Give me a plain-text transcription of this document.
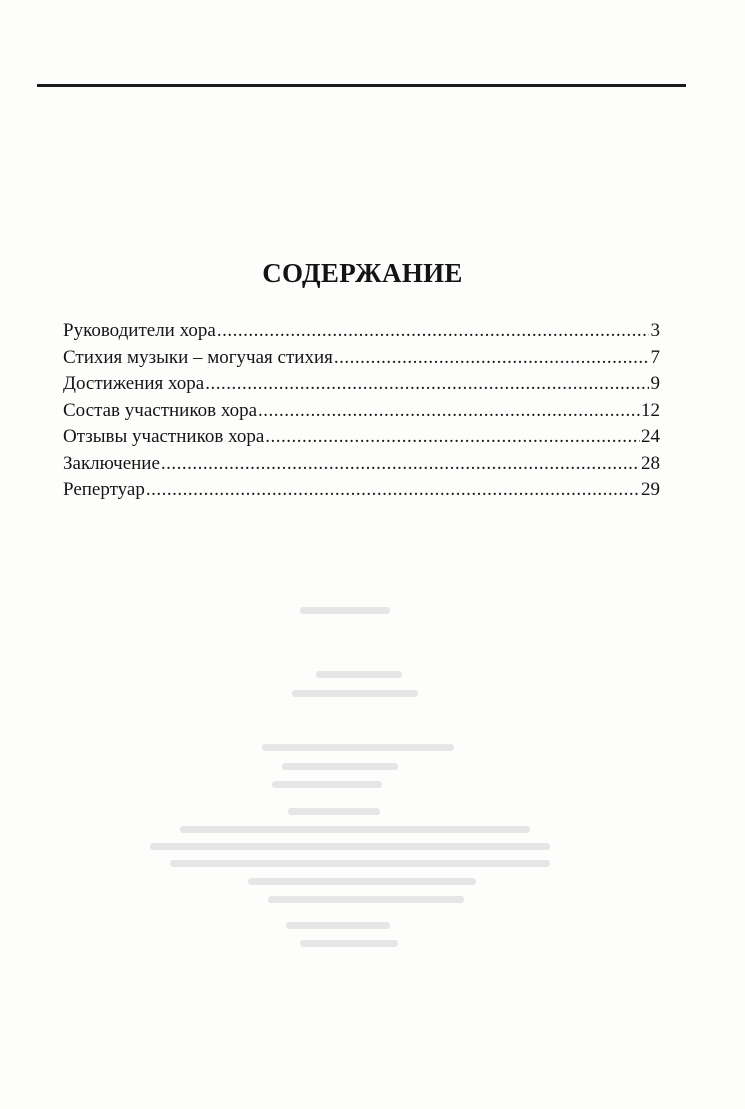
СОДЕРЖАНИЕ
Руководители хора .....	3
Стихия музыки – могучая стихия .....	7
Достижения хора .....	9
Состав участников хора .....	12
Отзывы участников хора .....	24
Заключение .....	28
Репертуар .....	29
